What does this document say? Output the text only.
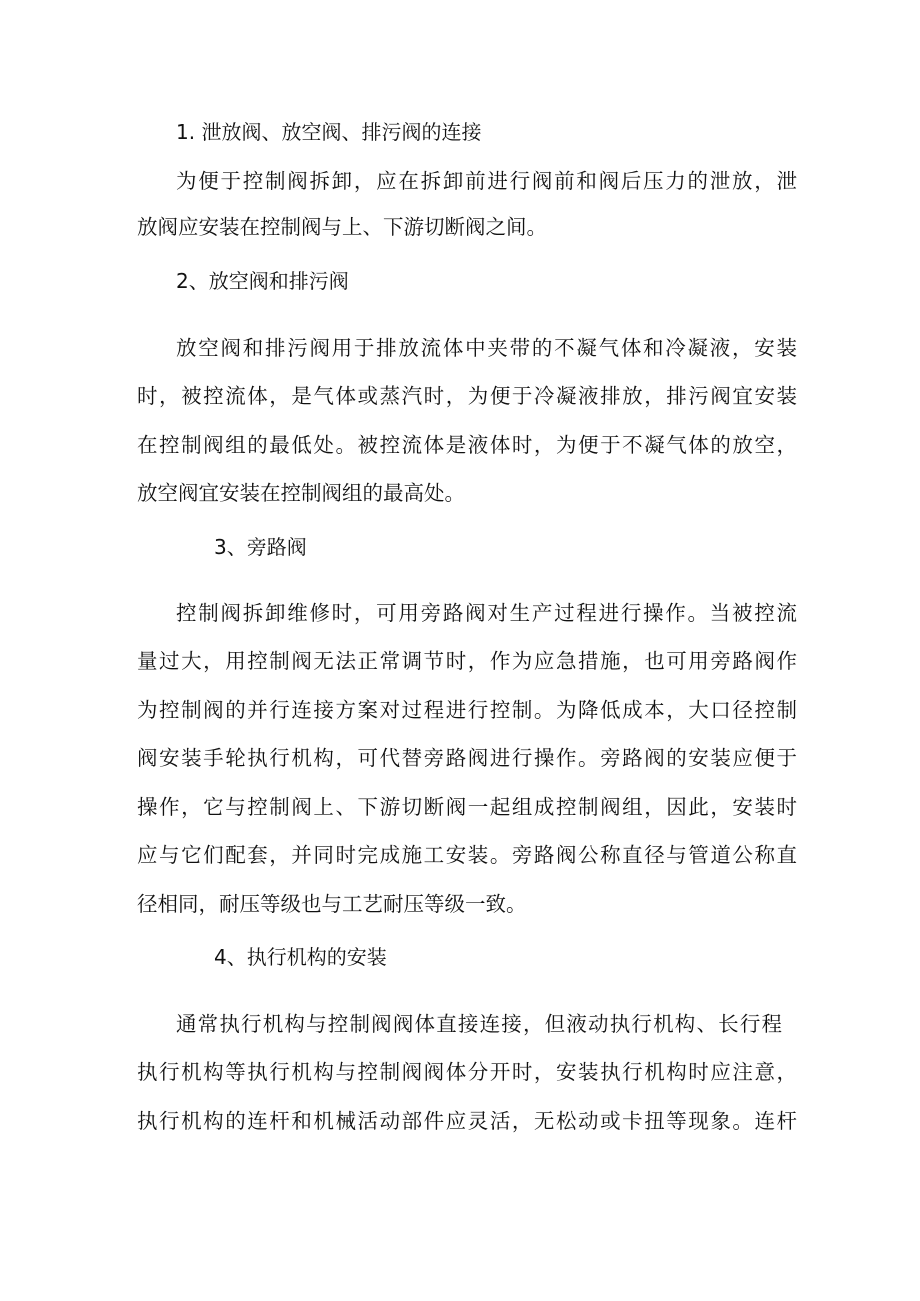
1. 泄放阀、放空阀、排污阀的连接

为便于控制阀拆卸，应在拆卸前进行阀前和阀后压力的泄放，泄

放阀应安装在控制阀与上、下游切断阀之间。

2、放空阀和排污阀

放空阀和排污阀用于排放流体中夹带的不凝气体和冷凝液，安装

时，被控流体，是气体或蒸汽时，为便于冷凝液排放，排污阀宜安装

在控制阀组的最低处。被控流体是液体时，为便于不凝气体的放空，

放空阀宜安装在控制阀组的最高处。

3、旁路阀

控制阀拆卸维修时，可用旁路阀对生产过程进行操作。当被控流

量过大，用控制阀无法正常调节时，作为应急措施，也可用旁路阀作

为控制阀的并行连接方案对过程进行控制。为降低成本，大口径控制

阀安装手轮执行机构，可代替旁路阀进行操作。旁路阀的安装应便于

操作，它与控制阀上、下游切断阀一起组成控制阀组，因此，安装时

应与它们配套，并同时完成施工安装。旁路阀公称直径与管道公称直

径相同，耐压等级也与工艺耐压等级一致。

4、执行机构的安装

通常执行机构与控制阀阀体直接连接，但液动执行机构、长行程

执行机构等执行机构与控制阀阀体分开时，安装执行机构时应注意，

执行机构的连杆和机械活动部件应灵活，无松动或卡扭等现象。连杆
